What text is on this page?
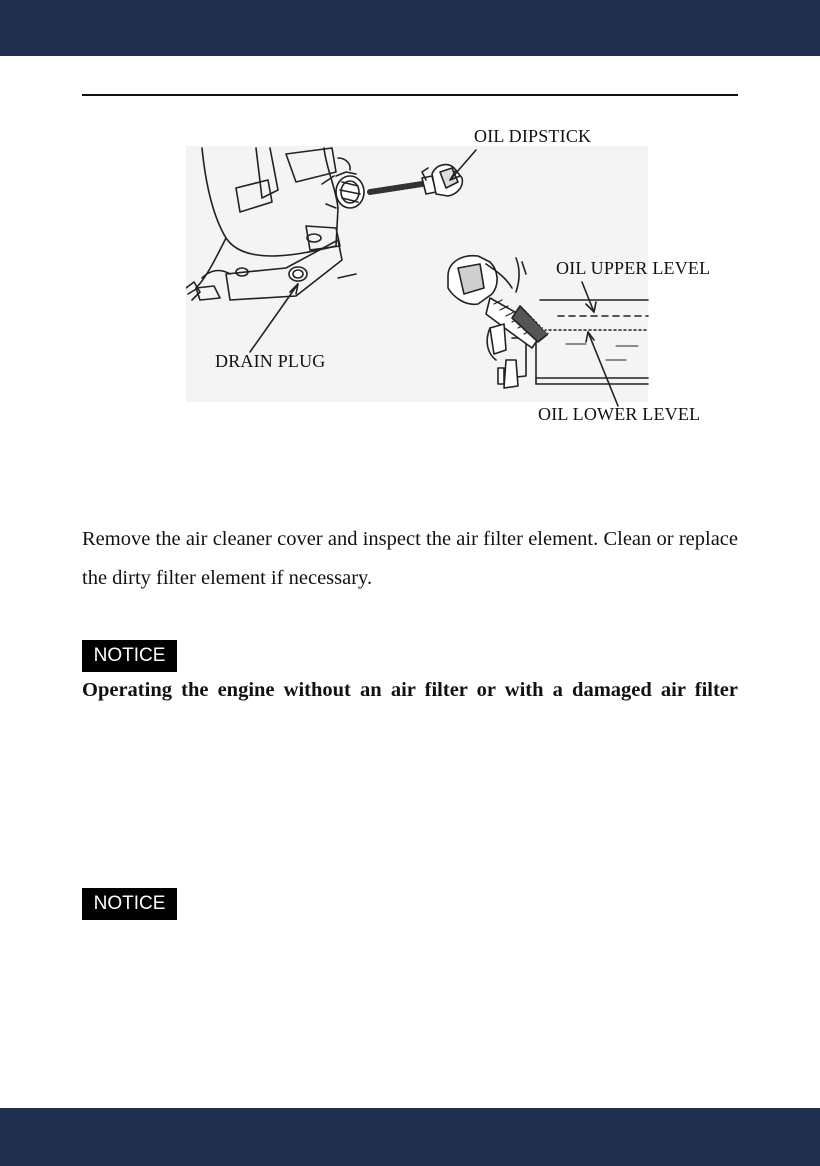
OIL DIPSTICK
OIL UPPER LEVEL
DRAIN PLUG
OIL LOWER LEVEL

Remove the air cleaner cover and inspect the air filter element. Clean or replace the dirty filter element if necessary.

NOTICE

Operating the engine without an air filter or with a damaged air filter

NOTICE
